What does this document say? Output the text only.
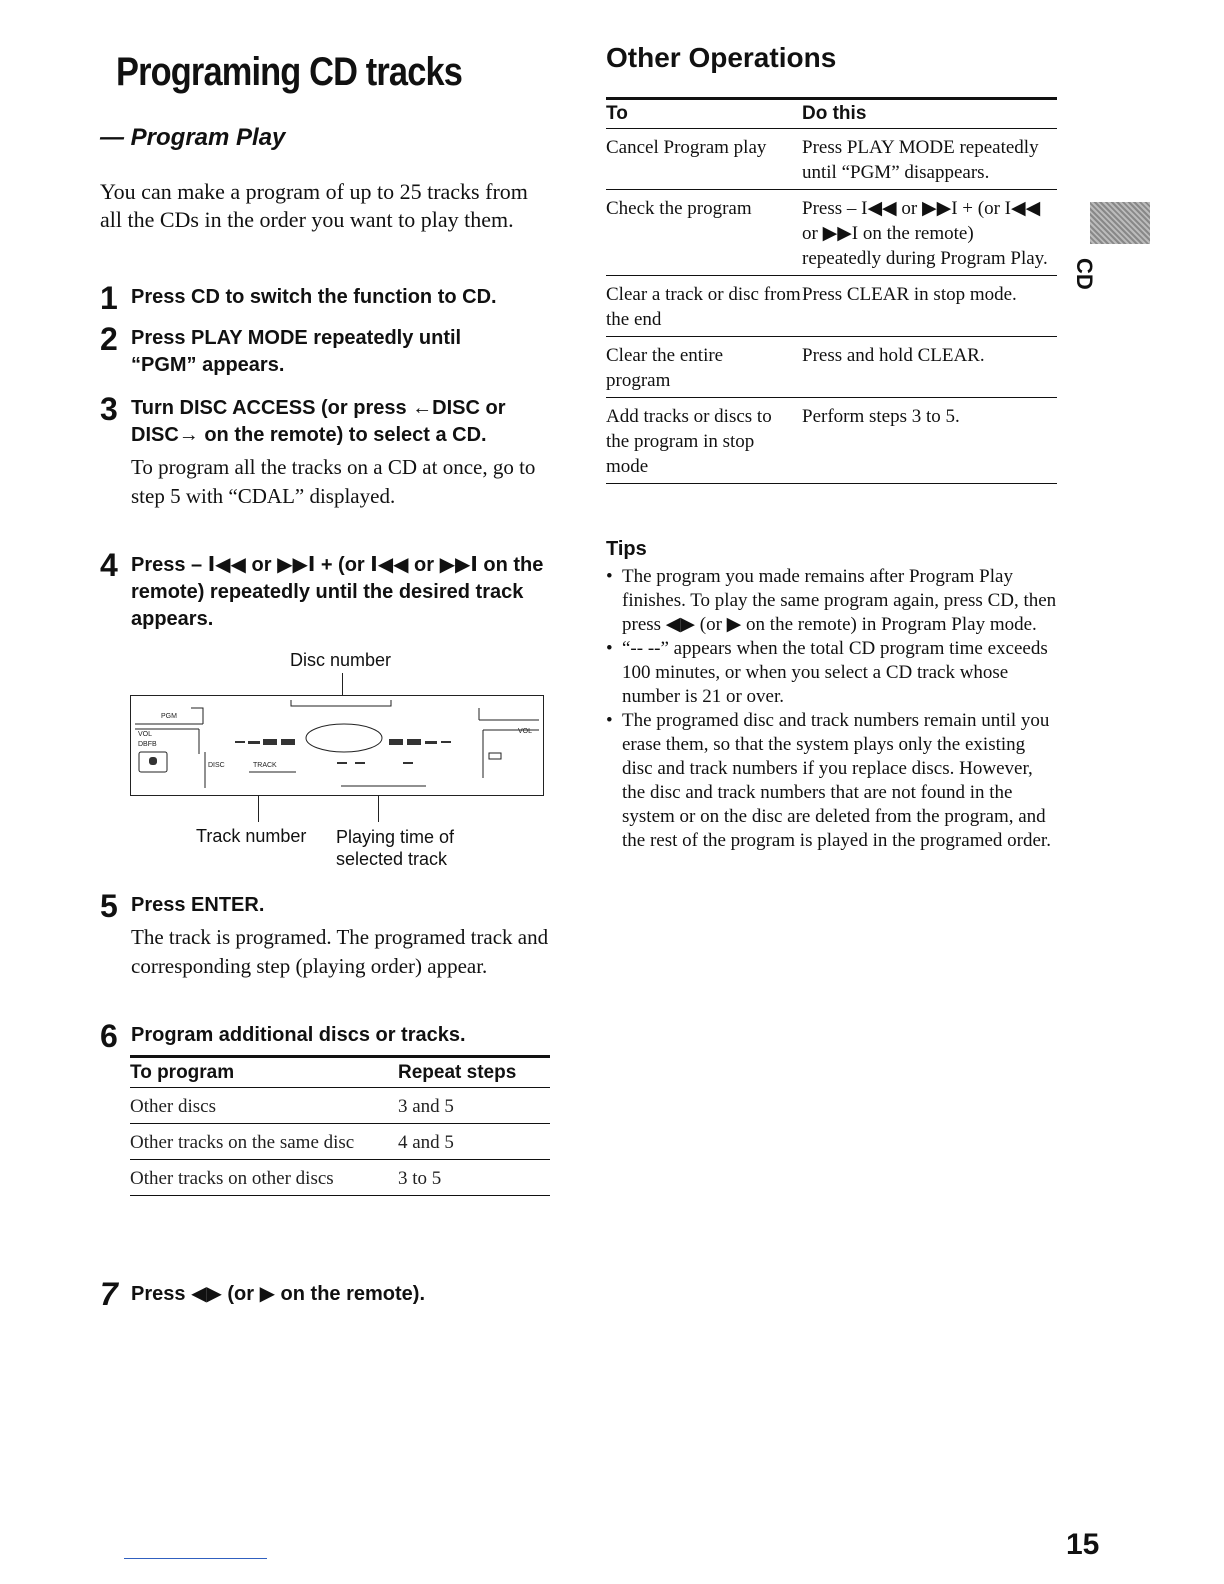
Programing CD tracks
— Program Play
You can make a program of up to 25 tracks from all the CDs in the order you want to play them.
1 Press CD to switch the function to CD.
2 Press PLAY MODE repeatedly until “PGM” appears.
3 Turn DISC ACCESS (or press ←DISC or DISC→ on the remote) to select a CD.
To program all the tracks on a CD at once, go to step 5 with “CDAL” displayed.
4 Press – I◀◀ or ▶▶I + (or I◀◀ or ▶▶I on the remote) repeatedly until the desired track appears.
Disc number
PGM
VOL	VOL
DBFB
DISC	TRACK
Track number Playing time of selected track
5 Press ENTER.
The track is programed. The programed track and corresponding step (playing order) appear.
6 Program additional discs or tracks.
To program	Repeat steps
Other discs	3 and 5
Other tracks on the same disc	4 and 5
Other tracks on other discs	3 to 5
7 Press ◀▶ (or ▶ on the remote).
Other Operations
To	Do this
Cancel Program play	Press PLAY MODE repeatedly until “PGM” disappears.
Check the program	Press – I◀◀ or ▶▶I + (or I◀◀ or ▶▶I on the remote) repeatedly during Program Play.
Clear a track or disc from the end	Press CLEAR in stop mode.
Clear the entire program	Press and hold CLEAR.
Add tracks or discs to the program in stop mode	Perform steps 3 to 5.
Tips
• The program you made remains after Program Play finishes. To play the same program again, press CD, then press ◀▶ (or ▶ on the remote) in Program Play mode.
• “-- --” appears when the total CD program time exceeds 100 minutes, or when you select a CD track whose number is 21 or over.
• The programed disc and track numbers remain until you erase them, so that the system plays only the existing disc and track numbers if you replace discs. However, the disc and track numbers that are not found in the system or on the disc are deleted from the program, and the rest of the program is played in the programed order.
CD
15
